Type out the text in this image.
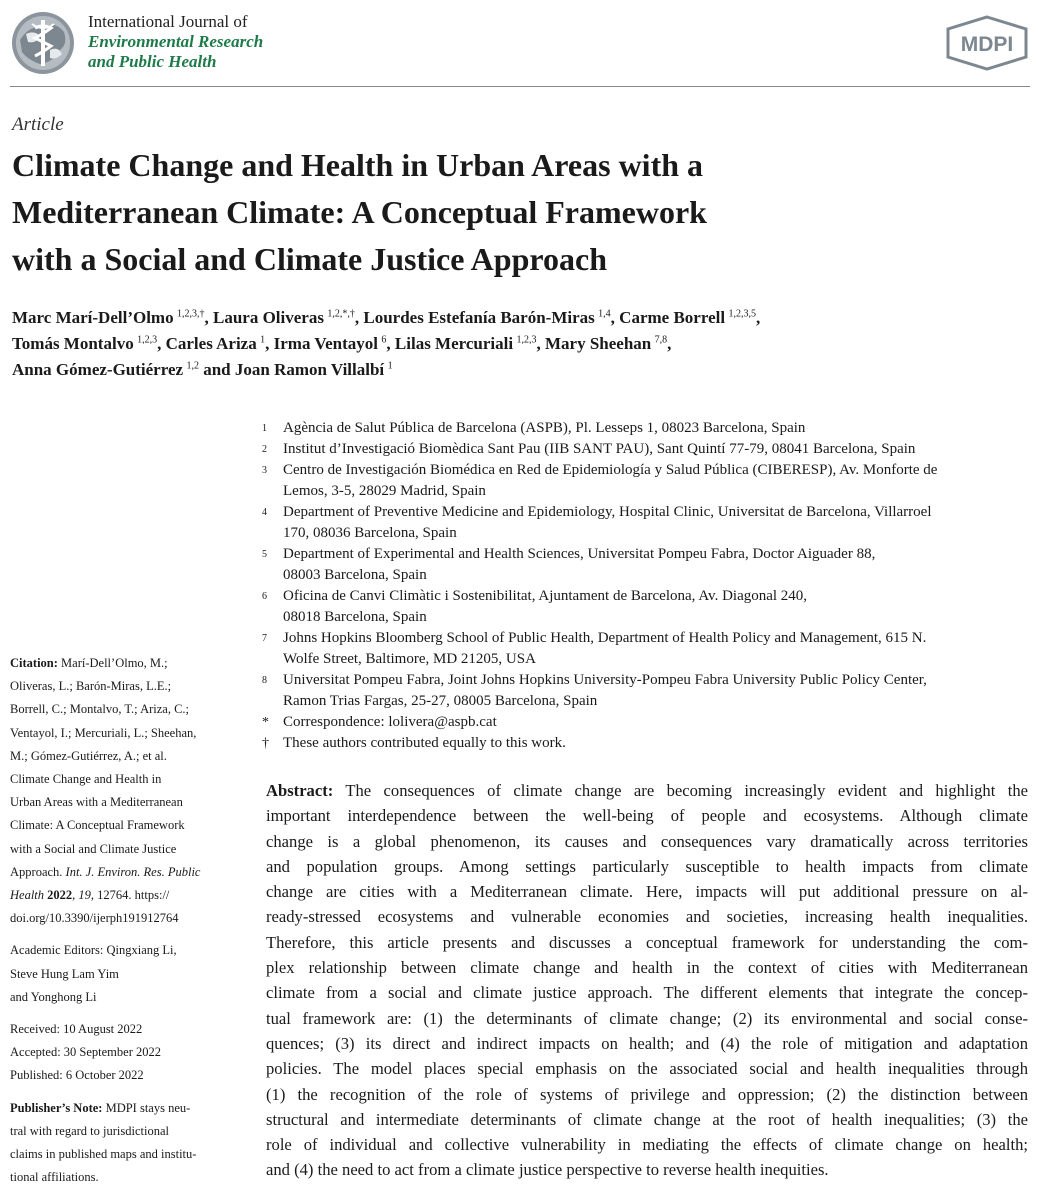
International Journal of
Environmental Research
and Public Health
MDPI
Article
Climate Change and Health in Urban Areas with a
Mediterranean Climate: A Conceptual Framework
with a Social and Climate Justice Approach
Marc Marí-Dell’Olmo  $^{1,2,3,\dagger}$, Laura Oliveras  $^{1,2,*,\dagger}$, Lourdes Estefanía Barón-Miras  $^{1,4}$, Carme Borrell  $^{1,2,3,5}$,
Tomás Montalvo  $^{1,2,3}$, Carles Ariza  $^1$, Irma Ventayol  $^6$, Lilas Mercuriali  $^{1,2,3}$, Mary Sheehan  $^{7,8}$,
Anna Gómez-Gutiérrez  $^{1,2}$ and Joan Ramon Villalbí  $^1$
1	Agència de Salut Pública de Barcelona (ASPB), Pl. Lesseps 1, 08023 Barcelona, Spain
2	Institut d’Investigació Biomèdica Sant Pau (IIB SANT PAU), Sant Quintí 77-79, 08041 Barcelona, Spain
3	Centro de Investigación Biomédica en Red de Epidemiología y Salud Pública (CIBERESP), Av. Monforte de
Lemos, 3-5, 28029 Madrid, Spain
4	Department of Preventive Medicine and Epidemiology, Hospital Clinic, Universitat de Barcelona, Villarroel
170, 08036 Barcelona, Spain
5	Department of Experimental and Health Sciences, Universitat Pompeu Fabra, Doctor Aiguader 88,
08003 Barcelona, Spain
6	Oficina de Canvi Climàtic i Sostenibilitat, Ajuntament de Barcelona, Av. Diagonal 240,
08018 Barcelona, Spain
7	Johns Hopkins Bloomberg School of Public Health, Department of Health Policy and Management, 615 N.
Wolfe Street, Baltimore, MD 21205, USA
8	Universitat Pompeu Fabra, Joint Johns Hopkins University-Pompeu Fabra University Public Policy Center,
Ramon Trias Fargas, 25-27, 08005 Barcelona, Spain
* Correspondence: lolivera@aspb.cat
† These authors contributed equally to this work.

Citation: Marí-Dell’Olmo, M.;
Oliveras, L.; Barón-Miras, L.E.;
Borrell, C.; Montalvo, T.; Ariza, C.;
Ventayol, I.; Mercuriali, L.; Sheehan,
M.; Gómez-Gutiérrez, A.; et al.
Climate Change and Health in
Urban Areas with a Mediterranean
Climate: A Conceptual Framework
with a Social and Climate Justice
Approach. Int. J. Environ. Res. Public
Health 2022, 19, 12764. https://
doi.org/10.3390/ijerph191912764

Academic Editors: Qingxiang Li,
Steve Hung Lam Yim
and Yonghong Li

Received: 10 August 2022
Accepted: 30 September 2022
Published: 6 October 2022

Publisher’s Note: MDPI stays neu-
tral with regard to jurisdictional
claims in published maps and institu-
tional affiliations.

Abstract: The consequences of climate change are becoming increasingly evident and highlight the
important interdependence between the well-being of people and ecosystems. Although climate
change is a global phenomenon, its causes and consequences vary dramatically across territories
and population groups. Among settings particularly susceptible to health impacts from climate
change are cities with a Mediterranean climate. Here, impacts will put additional pressure on al-
ready-stressed ecosystems and vulnerable economies and societies, increasing health inequalities.
Therefore, this article presents and discusses a conceptual framework for understanding the com-
plex relationship between climate change and health in the context of cities with Mediterranean
climate from a social and climate justice approach. The different elements that integrate the concep-
tual framework are: (1) the determinants of climate change; (2) its environmental and social conse-
quences; (3) its direct and indirect impacts on health; and (4) the role of mitigation and adaptation
policies. The model places special emphasis on the associated social and health inequalities through
(1) the recognition of the role of systems of privilege and oppression; (2) the distinction between
structural and intermediate determinants of climate change at the root of health inequalities; (3) the
role of individual and collective vulnerability in mediating the effects of climate change on health;
and (4) the need to act from a climate justice perspective to reverse health inequities.
